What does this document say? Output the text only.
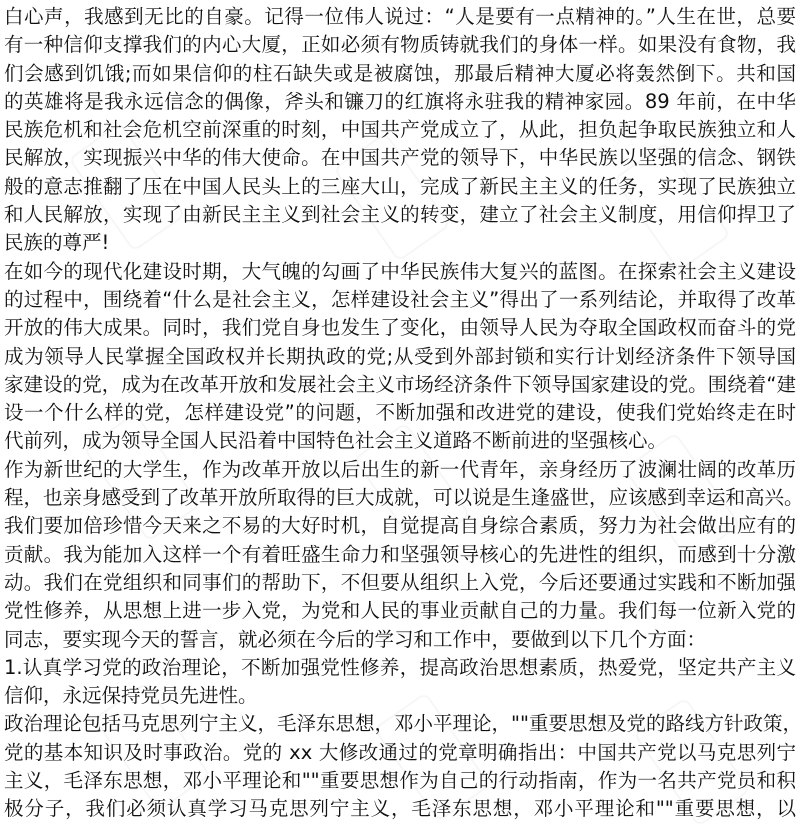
白心声，我感到无比的自豪。记得一位伟人说过：“人是要有一点精神的。”人生在世，总要
有一种信仰支撑我们的内心大厦，正如必须有物质铸就我们的身体一样。如果没有食物，我
们会感到饥饿;而如果信仰的柱石缺失或是被腐蚀，那最后精神大厦必将轰然倒下。共和国
的英雄将是我永远信念的偶像，斧头和镰刀的红旗将永驻我的精神家园。89 年前，在中华
民族危机和社会危机空前深重的时刻，中国共产党成立了，从此，担负起争取民族独立和人
民解放，实现振兴中华的伟大使命。在中国共产党的领导下，中华民族以坚强的信念、钢铁
般的意志推翻了压在中国人民头上的三座大山，完成了新民主主义的任务，实现了民族独立
和人民解放，实现了由新民主主义到社会主义的转变，建立了社会主义制度，用信仰捍卫了
民族的尊严!
在如今的现代化建设时期，大气魄的勾画了中华民族伟大复兴的蓝图。在探索社会主义建设
的过程中，围绕着“什么是社会主义，怎样建设社会主义”得出了一系列结论，并取得了改革
开放的伟大成果。同时，我们党自身也发生了变化，由领导人民为夺取全国政权而奋斗的党
成为领导人民掌握全国政权并长期执政的党;从受到外部封锁和实行计划经济条件下领导国
家建设的党，成为在改革开放和发展社会主义市场经济条件下领导国家建设的党。围绕着“建
设一个什么样的党，怎样建设党”的问题，不断加强和改进党的建设，使我们党始终走在时
代前列，成为领导全国人民沿着中国特色社会主义道路不断前进的坚强核心。
作为新世纪的大学生，作为改革开放以后出生的新一代青年，亲身经历了波澜壮阔的改革历
程，也亲身感受到了改革开放所取得的巨大成就，可以说是生逢盛世，应该感到幸运和高兴。
我们要加倍珍惜今天来之不易的大好时机，自觉提高自身综合素质，努力为社会做出应有的
贡献。我为能加入这样一个有着旺盛生命力和坚强领导核心的先进性的组织，而感到十分激
动。我们在党组织和同事们的帮助下，不但要从组织上入党，今后还要通过实践和不断加强
党性修养，从思想上进一步入党，为党和人民的事业贡献自己的力量。我们每一位新入党的
同志，要实现今天的誓言，就必须在今后的学习和工作中，要做到以下几个方面：
1.认真学习党的政治理论，不断加强党性修养，提高政治思想素质，热爱党，坚定共产主义
信仰，永远保持党员先进性。
政治理论包括马克思列宁主义，毛泽东思想，邓小平理论，""重要思想及党的路线方针政策，
党的基本知识及时事政治。党的 xx 大修改通过的党章明确指出：中国共产党以马克思列宁
主义，毛泽东思想，邓小平理论和""重要思想作为自己的行动指南，作为一名共产党员和积
极分子，我们必须认真学习马克思列宁主义，毛泽东思想，邓小平理论和""重要思想，以
